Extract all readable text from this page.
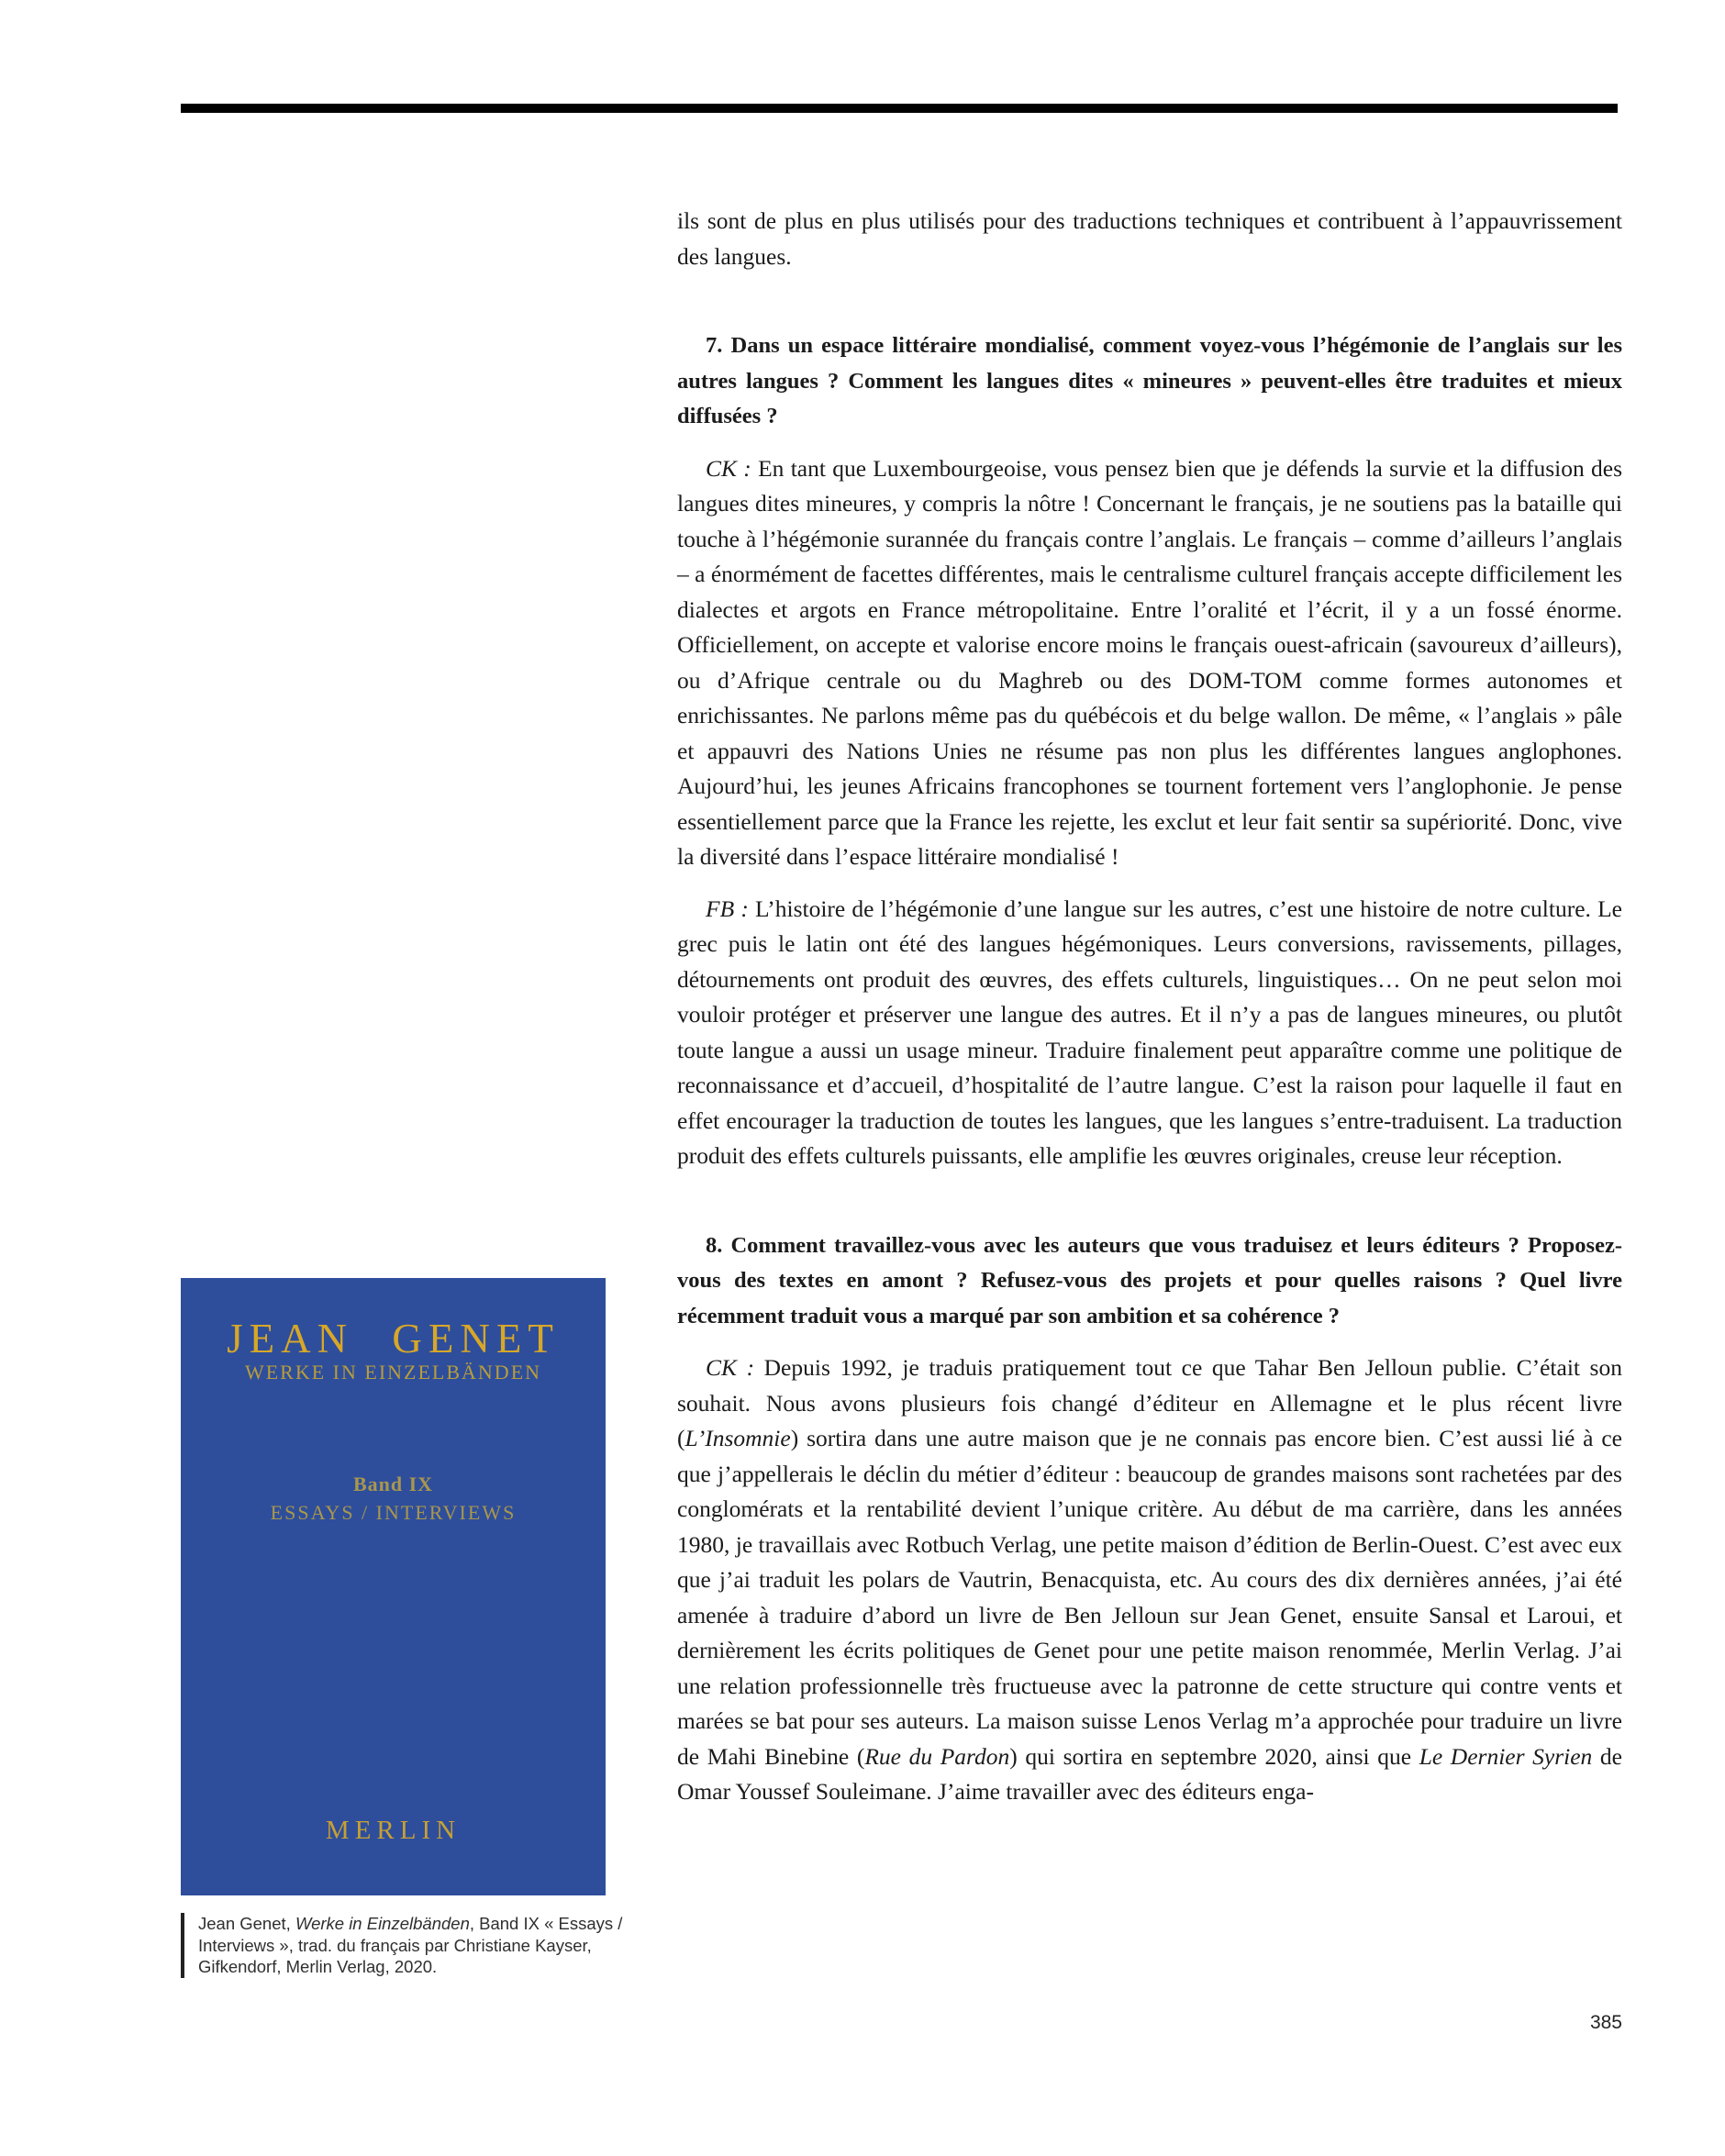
ils sont de plus en plus utilisés pour des traductions techniques et contribuent à l’appauvrissement des langues.

7. Dans un espace littéraire mondialisé, comment voyez-vous l’hégémonie de l’anglais sur les autres langues ? Comment les langues dites « mineures » peuvent-elles être traduites et mieux diffusées ?

CK : En tant que Luxembourgeoise, vous pensez bien que je défends la survie et la diffusion des langues dites mineures, y compris la nôtre ! Concernant le français, je ne soutiens pas la bataille qui touche à l’hégémonie surannée du français contre l’anglais. Le français – comme d’ailleurs l’anglais – a énormément de facettes différentes, mais le centralisme culturel français accepte difficilement les dialectes et argots en France métropolitaine. Entre l’oralité et l’écrit, il y a un fossé énorme. Officiellement, on accepte et valorise encore moins le français ouest-africain (savoureux d’ailleurs), ou d’Afrique centrale ou du Maghreb ou des DOM-TOM comme formes autonomes et enrichissantes. Ne parlons même pas du québécois et du belge wallon. De même, « l’anglais » pâle et appauvri des Nations Unies ne résume pas non plus les différentes langues anglophones. Aujourd’hui, les jeunes Africains francophones se tournent fortement vers l’anglophonie. Je pense essentiellement parce que la France les rejette, les exclut et leur fait sentir sa supériorité. Donc, vive la diversité dans l’espace littéraire mondialisé !

FB : L’histoire de l’hégémonie d’une langue sur les autres, c’est une histoire de notre culture. Le grec puis le latin ont été des langues hégémoniques. Leurs conversions, ravissements, pillages, détournements ont produit des œuvres, des effets culturels, linguistiques… On ne peut selon moi vouloir protéger et préserver une langue des autres. Et il n’y a pas de langues mineures, ou plutôt toute langue a aussi un usage mineur. Traduire finalement peut apparaître comme une politique de reconnaissance et d’accueil, d’hospitalité de l’autre langue. C’est la raison pour laquelle il faut en effet encourager la traduction de toutes les langues, que les langues s’entre-traduisent. La traduction produit des effets culturels puissants, elle amplifie les œuvres originales, creuse leur réception.

8. Comment travaillez-vous avec les auteurs que vous traduisez et leurs éditeurs ? Proposez-vous des textes en amont ? Refusez-vous des projets et pour quelles raisons ? Quel livre récemment traduit vous a marqué par son ambition et sa cohérence ?

CK : Depuis 1992, je traduis pratiquement tout ce que Tahar Ben Jelloun publie. C’était son souhait. Nous avons plusieurs fois changé d’éditeur en Allemagne et le plus récent livre (L’Insomnie) sortira dans une autre maison que je ne connais pas encore bien. C’est aussi lié à ce que j’appellerais le déclin du métier d’éditeur : beaucoup de grandes maisons sont rachetées par des conglomérats et la rentabilité devient l’unique critère. Au début de ma carrière, dans les années 1980, je travaillais avec Rotbuch Verlag, une petite maison d’édition de Berlin-Ouest. C’est avec eux que j’ai traduit les polars de Vautrin, Benacquista, etc. Au cours des dix dernières années, j’ai été amenée à traduire d’abord un livre de Ben Jelloun sur Jean Genet, ensuite Sansal et Laroui, et dernièrement les écrits politiques de Genet pour une petite maison renommée, Merlin Verlag. J’ai une relation professionnelle très fructueuse avec la patronne de cette structure qui contre vents et marées se bat pour ses auteurs. La maison suisse Lenos Verlag m’a approchée pour traduire un livre de Mahi Binebine (Rue du Pardon) qui sortira en septembre 2020, ainsi que Le Dernier Syrien de Omar Youssef Souleimane. J’aime travailler avec des éditeurs enga-

JEAN GENET
WERKE IN EINZELBÄNDEN
Band IX
ESSAYS / INTERVIEWS
MERLIN
Jean Genet, Werke in Einzelbänden, Band IX « Essays /
Interviews », trad. du français par Christiane Kayser,
Gifkendorf, Merlin Verlag, 2020.
385
